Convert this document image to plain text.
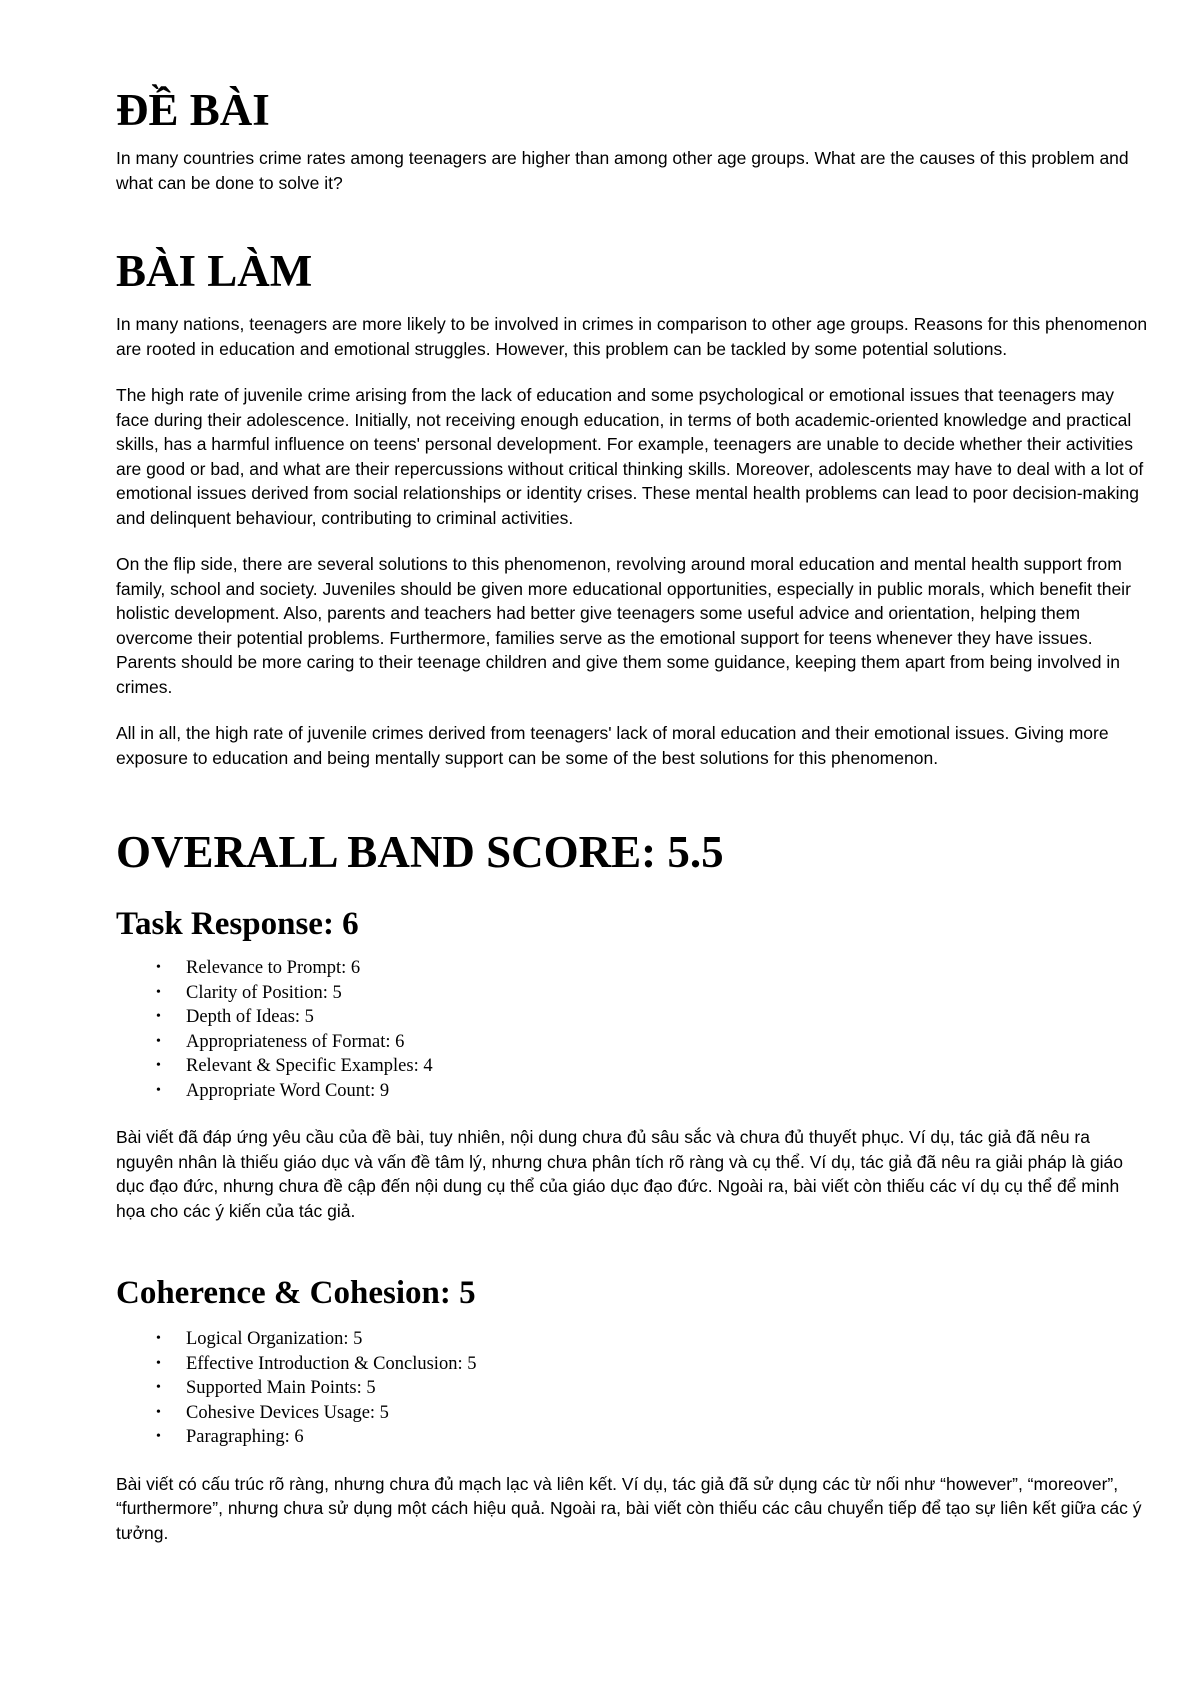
ĐỀ BÀI

In many countries crime rates among teenagers are higher than among other age groups. What are the causes of this problem and what can be done to solve it?

BÀI LÀM

In many nations, teenagers are more likely to be involved in crimes in comparison to other age groups. Reasons for this phenomenon are rooted in education and emotional struggles. However, this problem can be tackled by some potential solutions.

The high rate of juvenile crime arising from the lack of education and some psychological or emotional issues that teenagers may face during their adolescence. Initially, not receiving enough education, in terms of both academic-oriented knowledge and practical skills, has a harmful influence on teens' personal development. For example, teenagers are unable to decide whether their activities are good or bad, and what are their repercussions without critical thinking skills. Moreover, adolescents may have to deal with a lot of emotional issues derived from social relationships or identity crises. These mental health problems can lead to poor decision-making and delinquent behaviour, contributing to criminal activities.

On the flip side, there are several solutions to this phenomenon, revolving around moral education and mental health support from family, school and society. Juveniles should be given more educational opportunities, especially in public morals, which benefit their holistic development. Also, parents and teachers had better give teenagers some useful advice and orientation, helping them overcome their potential problems. Furthermore, families serve as the emotional support for teens whenever they have issues. Parents should be more caring to their teenage children and give them some guidance, keeping them apart from being involved in crimes.

All in all, the high rate of juvenile crimes derived from teenagers' lack of moral education and their emotional issues. Giving more exposure to education and being mentally support can be some of the best solutions for this phenomenon.

OVERALL BAND SCORE: 5.5
Task Response: 6
• Relevance to Prompt: 6
• Clarity of Position: 5
• Depth of Ideas: 5
• Appropriateness of Format: 6
• Relevant & Specific Examples: 4
• Appropriate Word Count: 9

Bài viết đã đáp ứng yêu cầu của đề bài, tuy nhiên, nội dung chưa đủ sâu sắc và chưa đủ thuyết phục. Ví dụ, tác giả đã nêu ra nguyên nhân là thiếu giáo dục và vấn đề tâm lý, nhưng chưa phân tích rõ ràng và cụ thể. Ví dụ, tác giả đã nêu ra giải pháp là giáo dục đạo đức, nhưng chưa đề cập đến nội dung cụ thể của giáo dục đạo đức. Ngoài ra, bài viết còn thiếu các ví dụ cụ thể để minh họa cho các ý kiến của tác giả.

Coherence & Cohesion: 5
• Logical Organization: 5
• Effective Introduction & Conclusion: 5
• Supported Main Points: 5
• Cohesive Devices Usage: 5
• Paragraphing: 6

Bài viết có cấu trúc rõ ràng, nhưng chưa đủ mạch lạc và liên kết. Ví dụ, tác giả đã sử dụng các từ nối như “however”, “moreover”, “furthermore”, nhưng chưa sử dụng một cách hiệu quả. Ngoài ra, bài viết còn thiếu các câu chuyển tiếp để tạo sự liên kết giữa các ý tưởng.
